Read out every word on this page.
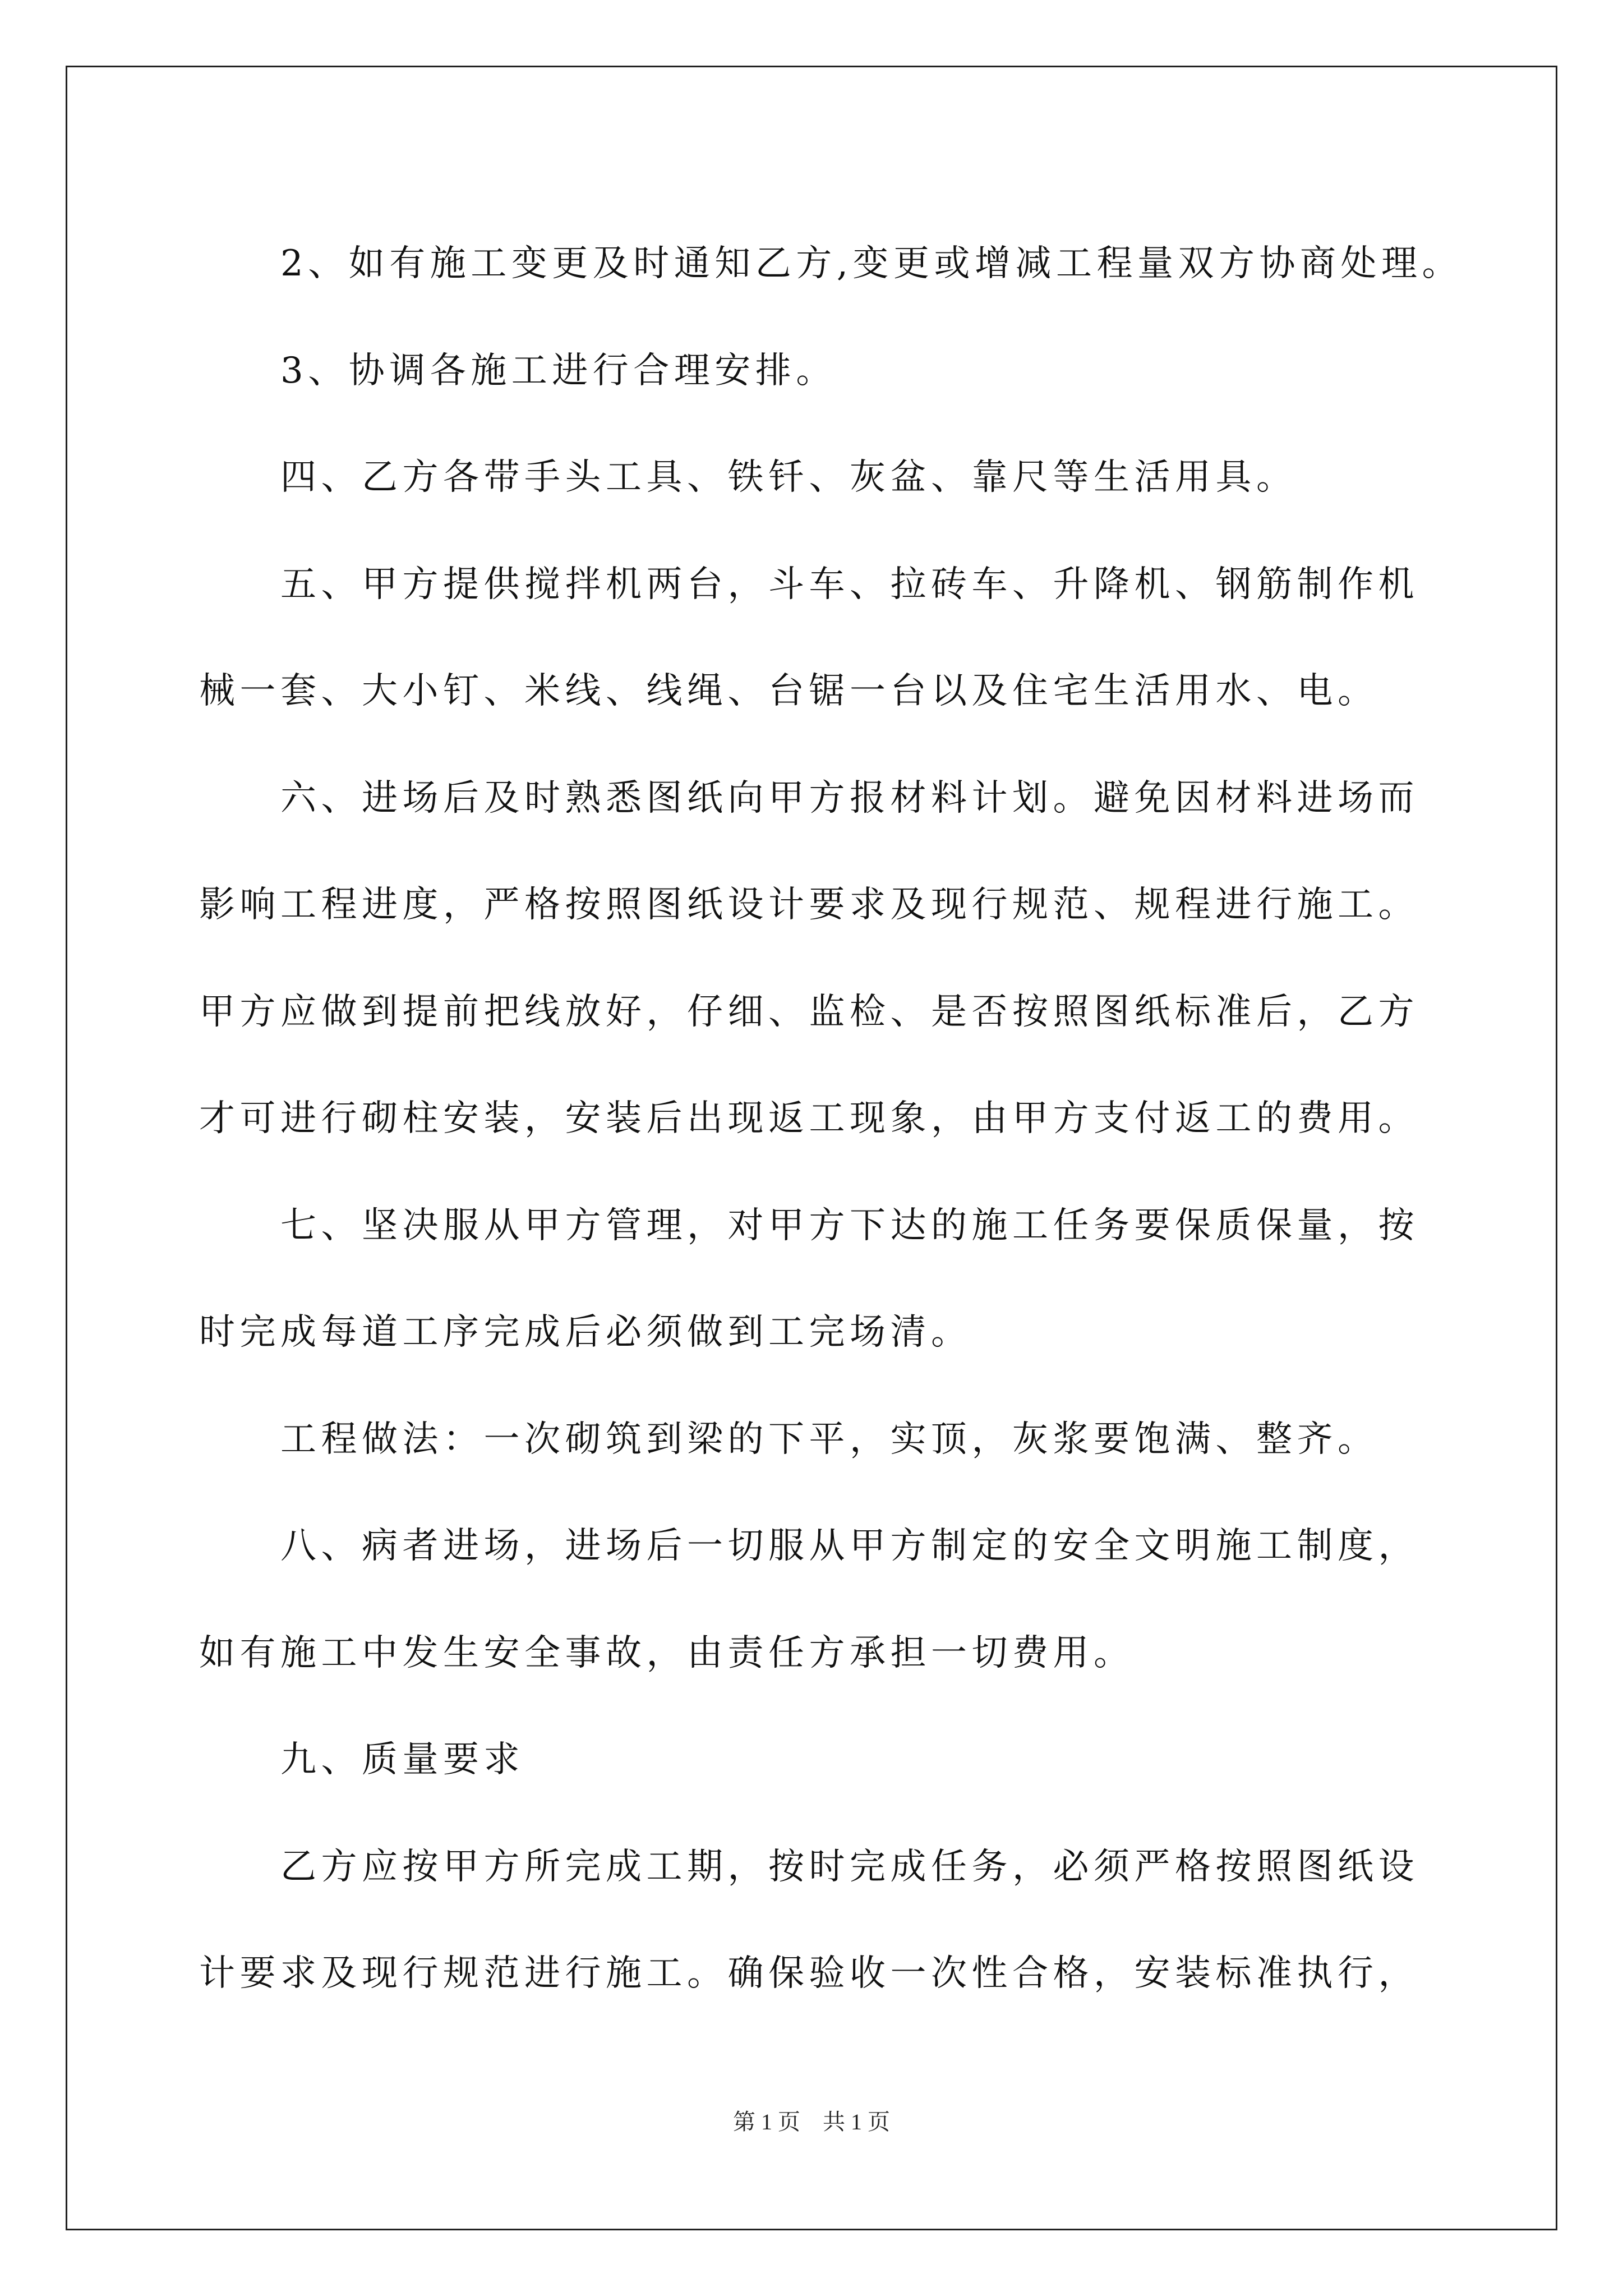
2、如有施工变更及时通知乙方,变更或增减工程量双方协商处理。
3、协调各施工进行合理安排。
四、乙方各带手头工具、铁钎、灰盆、靠尺等生活用具。
五、甲方提供搅拌机两台，斗车、拉砖车、升降机、钢筋制作机
械一套、大小钉、米线、线绳、台锯一台以及住宅生活用水、电。
六、进场后及时熟悉图纸向甲方报材料计划。避免因材料进场而
影响工程进度，严格按照图纸设计要求及现行规范、规程进行施工。
甲方应做到提前把线放好，仔细、监检、是否按照图纸标准后，乙方
才可进行砌柱安装，安装后出现返工现象，由甲方支付返工的费用。
七、坚决服从甲方管理，对甲方下达的施工任务要保质保量，按
时完成每道工序完成后必须做到工完场清。
工程做法：一次砌筑到梁的下平，实顶，灰浆要饱满、整齐。
八、病者进场，进场后一切服从甲方制定的安全文明施工制度，
如有施工中发生安全事故，由责任方承担一切费用。
九、质量要求
乙方应按甲方所完成工期，按时完成任务，必须严格按照图纸设
计要求及现行规范进行施工。确保验收一次性合格，安装标准执行，
第 1 页　共 1 页
